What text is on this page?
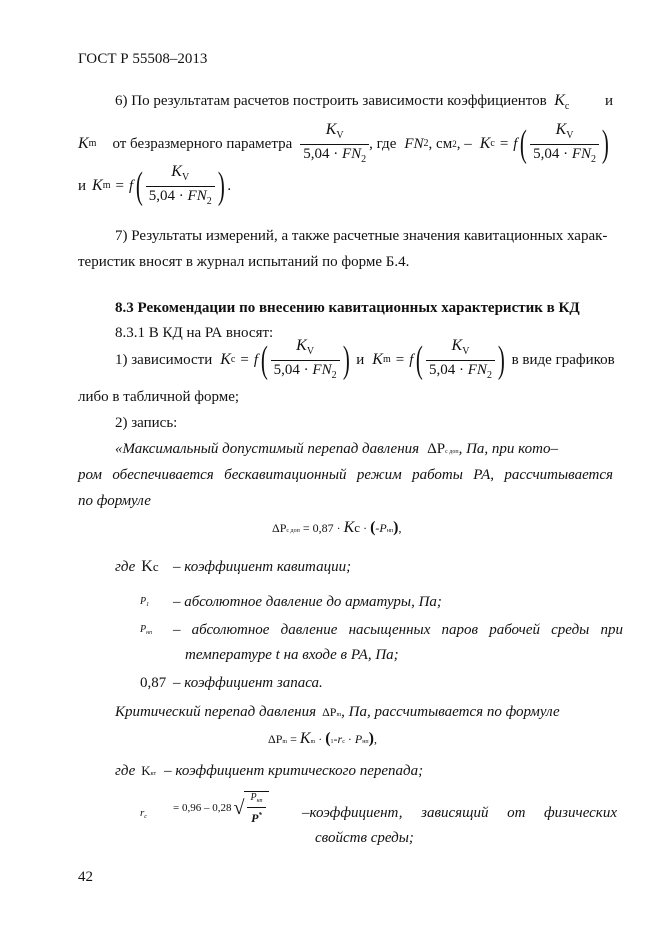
ГОСТ Р 55508–2013
6) По результатам расчетов построить зависимости коэффициентов $K_c$ и
K m от безразмерного параметра $\frac{K_V}{5,04 \cdot FN_2}$ , где FN 2 , см 2 , – K c = f ( $\frac{K_V}{5,04 \cdot FN_2}$ )
и K m = f ( $\frac{K_V}{5,04 \cdot FN_2}$ ) .
7) Результаты измерений, а также расчетные значения кавитационных харак-
теристик вносят в журнал испытаний по форме Б.4.
8.3 Рекомендации по внесению кавитационных характеристик в КД
8.3.1 В КД на РА вносят:
1) зависимости K c = f ( $\frac{K_V}{5,04 \cdot FN_2}$ ) и K m = f ( $\frac{K_V}{5,04 \cdot FN_2}$ ) в виде графиков
либо в табличной форме;
2) запись:
«Максимальный допустимый перепад давления ΔP с доп , Па, при кото–
ром обеспечивается бескавитационный режим работы РА, рассчитывается
по формуле
ΔP с доп = 0,87 · K c · ( - P нп ) ,
где K c – коэффициент кавитации;
$P_1$ – абсолютное давление до арматуры, Па;
$P_{нп}$ – абсолютное давление насыщенных паров рабочей среды при
температуре t на входе в РА, Па;
0,87 – коэффициент запаса.
Критический перепад давления ΔP m , Па, рассчитывается по формуле
ΔP m = K m · ( 1 - r с · P нп ) ,
где K кт – коэффициент критического перепада;
rс
= 0,96 – 0,28 √ $\frac{P_{нп}}{P^*}$ –коэффициент, зависящий от физических
свойств среды;
42
